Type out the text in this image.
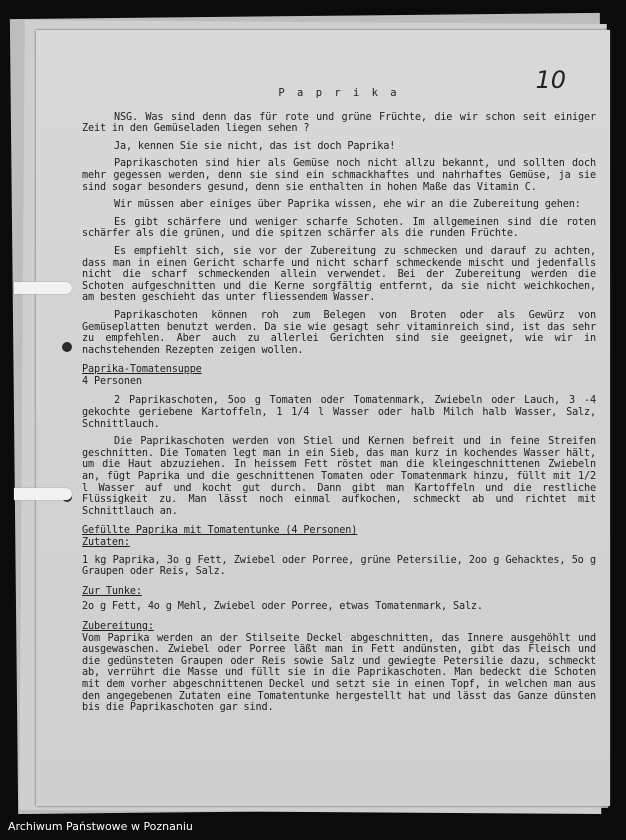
10
P a p r i k a

NSG. Was sind denn das für rote und grüne Früchte, die wir schon seit einiger Zeit in den Gemüseladen liegen sehen ?

Ja, kennen Sie sie nicht, das ist doch Paprika!

Paprikaschoten sind hier als Gemüse noch nicht allzu bekannt, und sollten doch mehr gegessen werden, denn sie sind ein schmackhaftes und nahrhaftes Gemüse, ja sie sind sogar besonders gesund, denn sie enthalten in hohen Maße das Vitamin C.

Wir müssen aber einiges über Paprika wissen, ehe wir an die Zubereitung gehen:

Es gibt schärfere und weniger scharfe Schoten. Im allgemeinen sind die roten schärfer als die grünen, und die spitzen schärfer als die runden Früchte.

Es empfiehlt sich, sie vor der Zubereitung zu schmecken und darauf zu achten, dass man in einen Gericht scharfe und nicht scharf schmeckende mischt und jedenfalls nicht die scharf schmeckenden allein verwendet. Bei der Zubereitung werden die Schoten aufgeschnitten und die Kerne sorgfältig entfernt, da sie nicht weichkochen, am besten geschieht das unter fliessendem Wasser.

Paprikaschoten können roh zum Belegen von Broten oder als Gewürz von Gemüseplatten benutzt werden. Da sie wie gesagt sehr vitaminreich sind, ist das sehr zu empfehlen. Aber auch zu allerlei Gerichten sind sie geeignet, wie wir in nachstehenden Rezepten zeigen wollen.

Paprika-Tomatensuppe
4 Personen

2 Paprikaschoten, 5oo g Tomaten oder Tomatenmark, Zwiebeln oder Lauch, 3 -4 gekochte geriebene Kartoffeln, 1 1/4 l Wasser oder halb Milch halb Wasser, Salz, Schnittlauch.

Die Paprikaschoten werden von Stiel und Kernen befreit und in feine Streifen geschnitten. Die Tomaten legt man in ein Sieb, das man kurz in kochendes Wasser hält, um die Haut abzuziehen. In heissem Fett röstet man die kleingeschnittenen Zwiebeln an, fügt Paprika und die geschnittenen Tomaten oder Tomatenmark hinzu, füllt mit 1/2 l Wasser auf und kocht gut durch. Dann gibt man Kartoffeln und die restliche Flüssigkeit zu. Man lässt noch einmal aufkochen, schmeckt ab und richtet mit Schnittlauch an.

Gefüllte Paprika mit Tomatentunke (4 Personen)
Zutaten:

1 kg Paprika, 3o g Fett, Zwiebel oder Porree, grüne Petersilie, 2oo g Gehacktes, 5o g Graupen oder Reis, Salz.

Zur Tunke:

2o g Fett, 4o g Mehl, Zwiebel oder Porree, etwas Tomatenmark, Salz.

Zubereitung:

Vom Paprika werden an der Stilseite Deckel abgeschnitten, das Innere ausgehöhlt und ausgewaschen. Zwiebel oder Porree läßt man in Fett andünsten, gibt das Fleisch und die gedünsteten Graupen oder Reis sowie Salz und gewiegte Petersilie dazu, schmeckt ab, verrührt die Masse und füllt sie in die Paprikaschoten. Man bedeckt die Schoten mit dem vorher abgeschnittenen Deckel und setzt sie in einen Topf, in welchen man aus den angegebenen Zutaten eine Tomatentunke hergestellt hat und lässt das Ganze dünsten bis die Paprikaschoten gar sind.

Archiwum Państwowe w Poznaniu
